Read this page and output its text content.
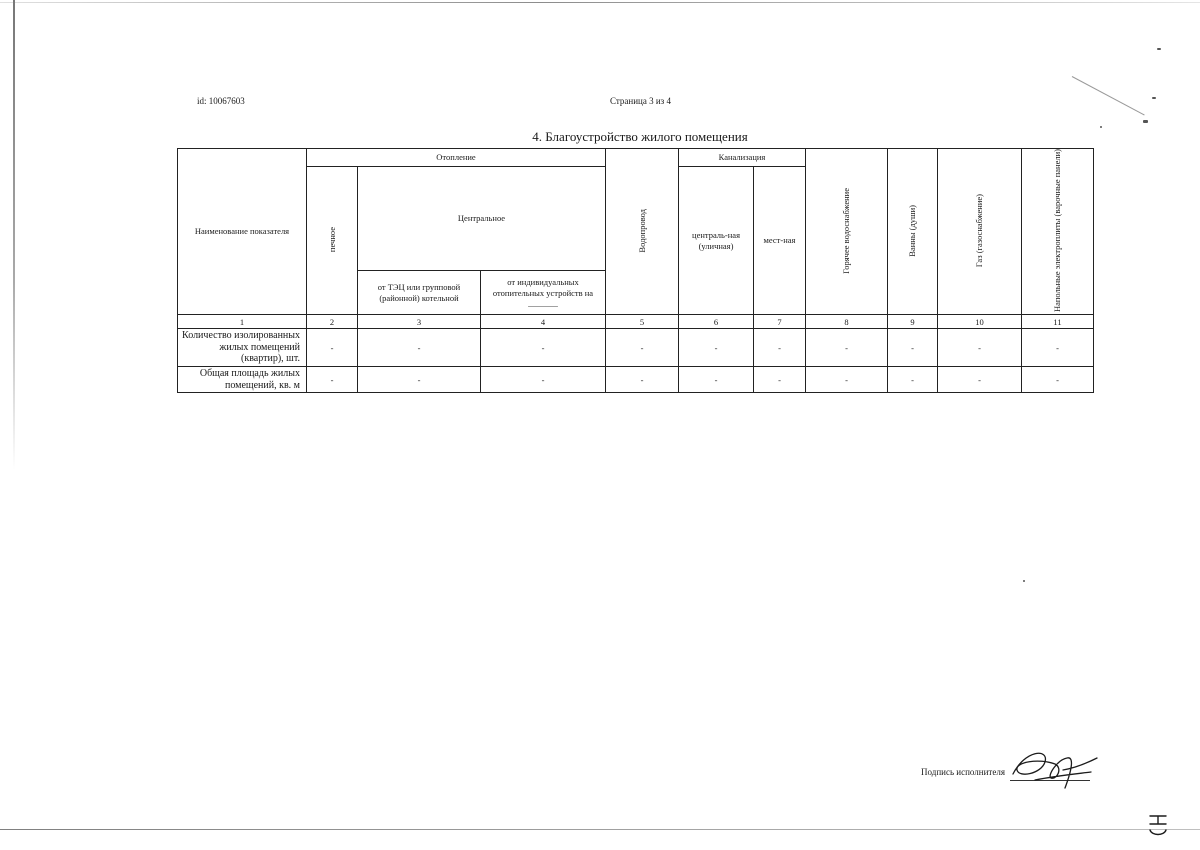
id: 10067603	Страница 3 из 4
4. Благоустройство жилого помещения
Наименование показателя	Отопление			Водопровод	Канализация		Горячее водоснабжение	Ванны (души)	Газ (газоснабжение)	Напольные электроплиты (варочные панели)
	печное	Центральное			централь-ная (уличная)	мест-ная				
		от ТЭЦ или групповой (районной) котельной	от индивидуальных отопительных устройств на _______							
1	2	3	4	5	6	7	8	9	10	11
Количество изолированных жилых помещений (квартир), шт.	-	-	-	-	-	-	-	-	-	-
Общая площадь жилых помещений, кв. м	-	-	-	-	-	-	-	-	-	-
Подпись исполнителя
